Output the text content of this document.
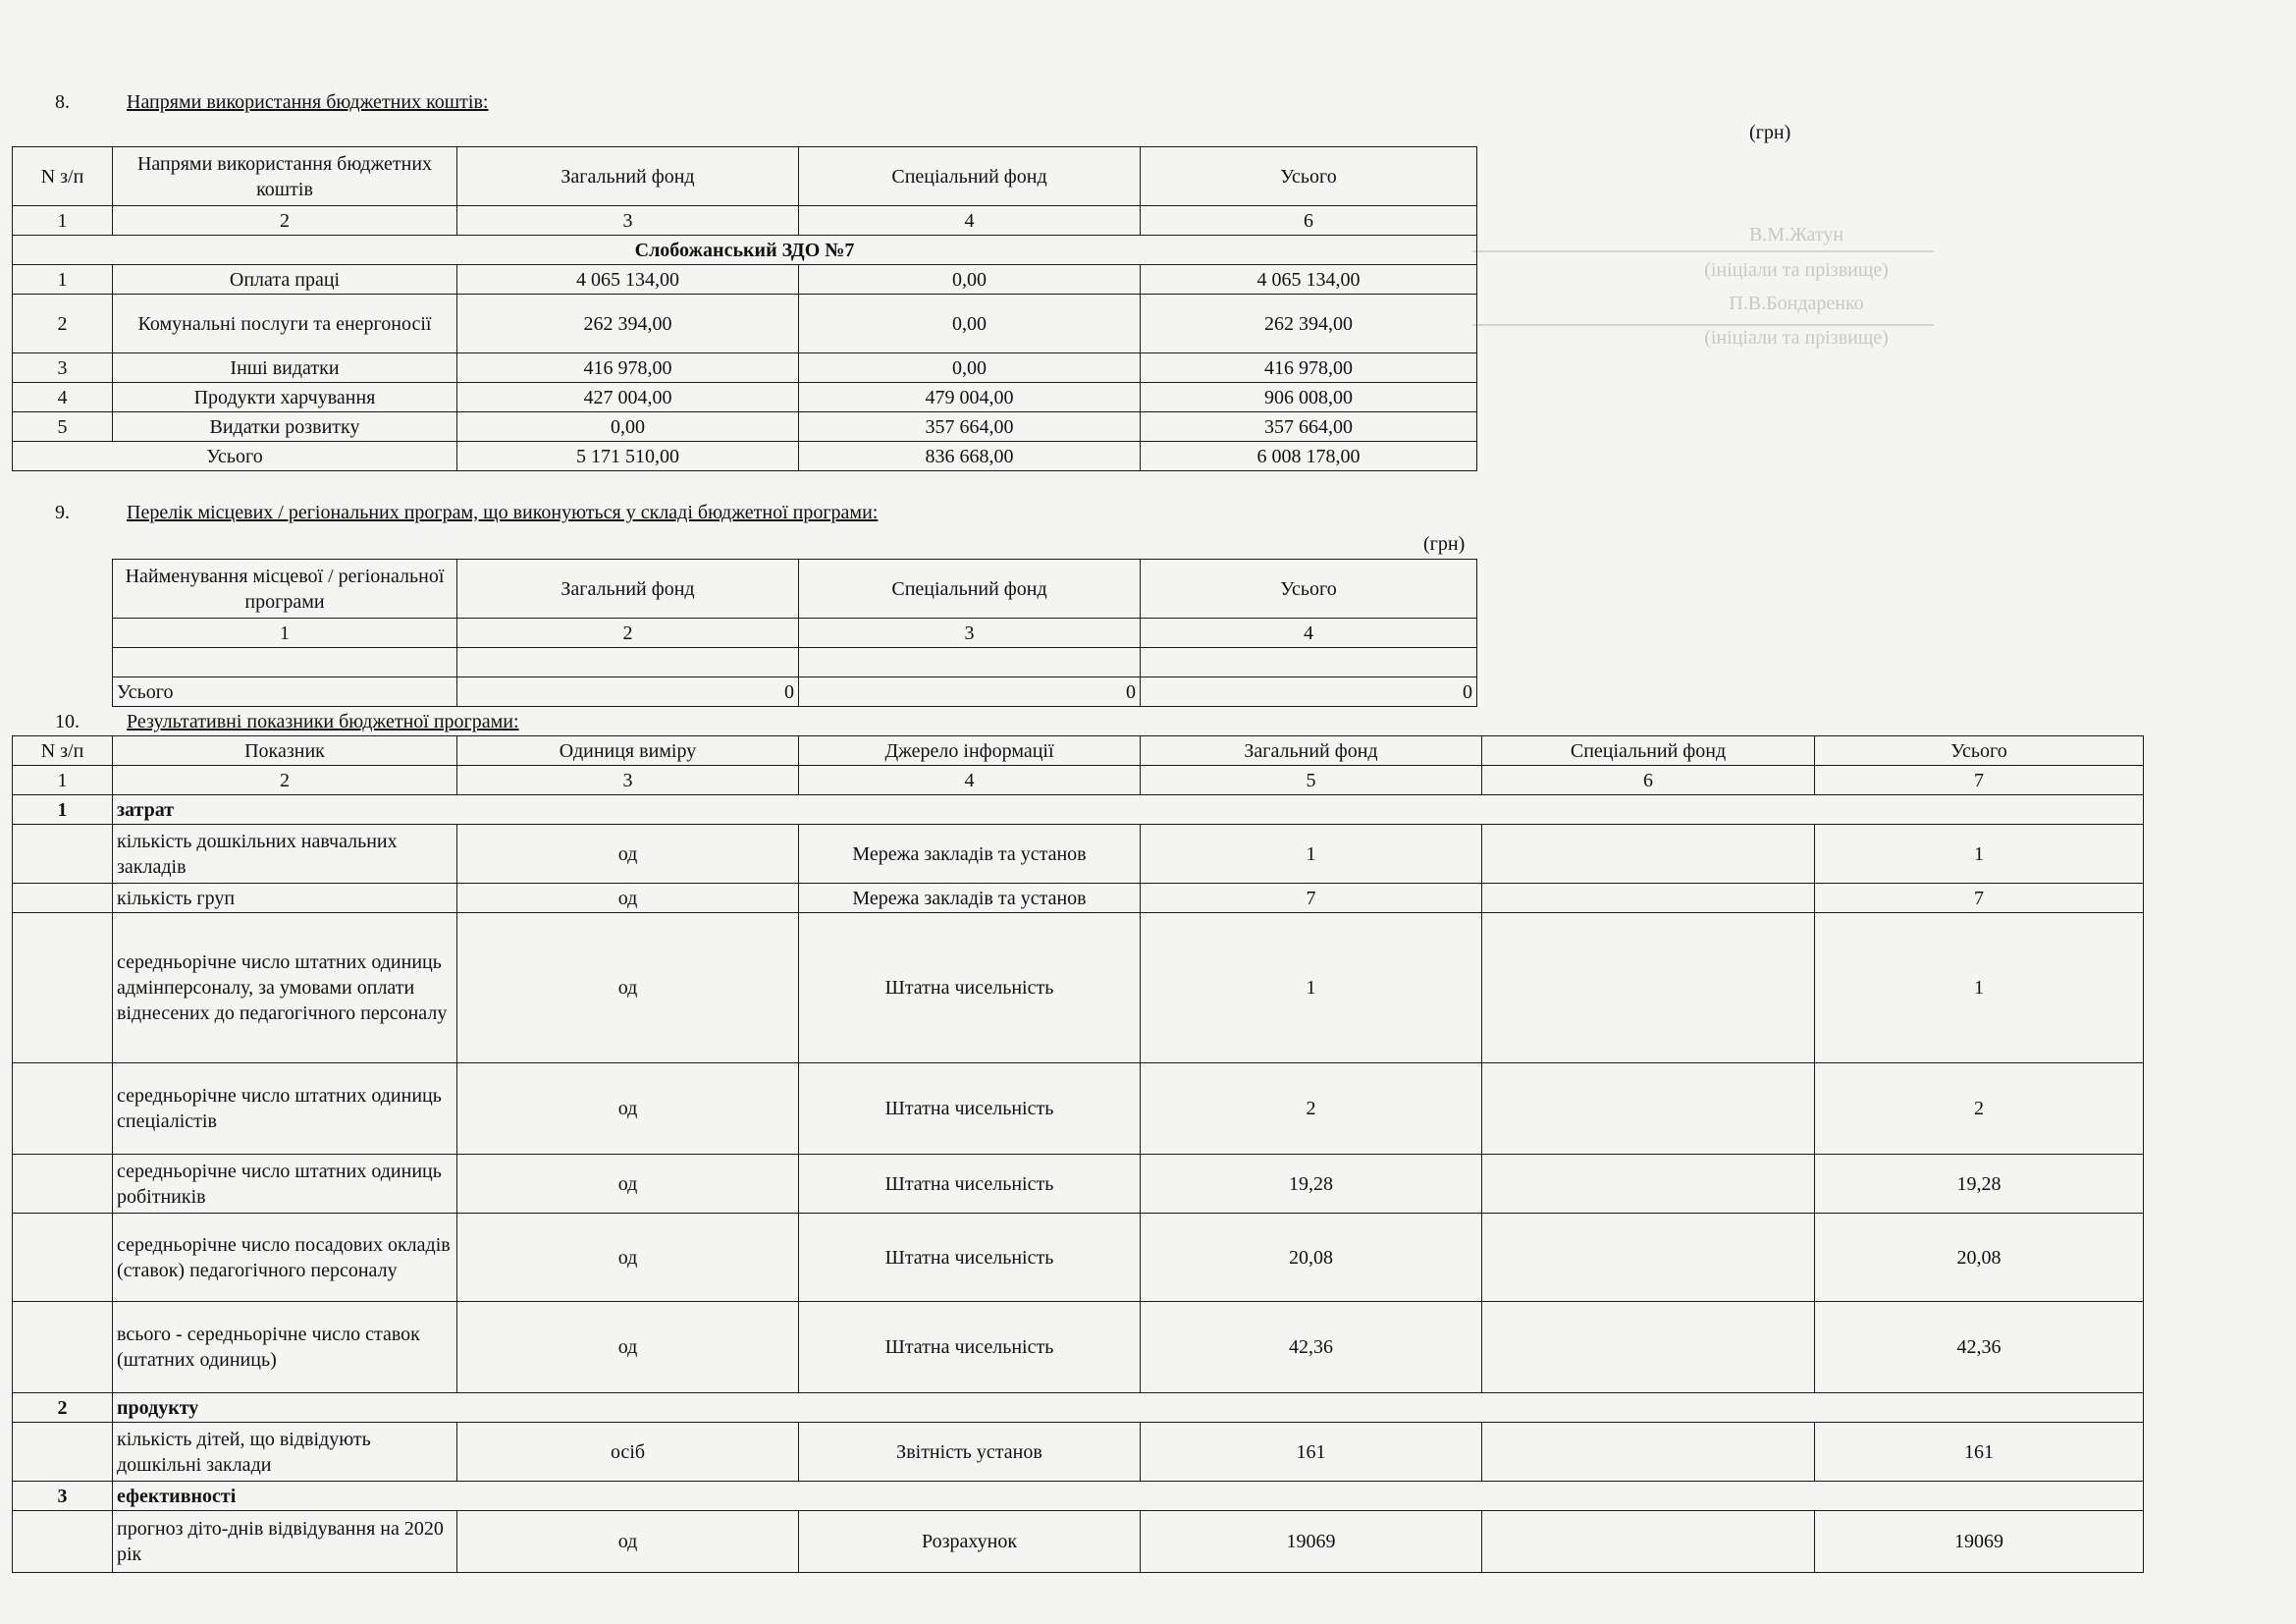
В.М.Жатун
(ініціали та прізвище)
П.В.Бондаренко
(ініціали та прізвище)
8.	Напрями використання бюджетних коштів:
(грн)
N з/п	Напрями використання бюджетних коштів	Загальний фонд	Спеціальний фонд	Усього
1	2	3	4	6
Слобожанський ЗДО №7				
1	Оплата праці	4 065 134,00	0,00	4 065 134,00
2	Комунальні послуги та енергоносії	262 394,00	0,00	262 394,00
3	Інші видатки	416 978,00	0,00	416 978,00
4	Продукти харчування	427 004,00	479 004,00	906 008,00
5	Видатки розвитку	0,00	357 664,00	357 664,00
Усього		5 171 510,00	836 668,00	6 008 178,00
9.	Перелік місцевих / регіональних програм, що виконуються у складі бюджетної програми:
(грн)
Найменування місцевої / регіональної програми	Загальний фонд	Спеціальний фонд	Усього
1	2	3	4

Усього	0	0	0
10. Результативні показники бюджетної програми:
N з/п	Показник	Одиниця виміру	Джерело інформації	Загальний фонд	Спеціальний фонд	Усього
1	2	3	4	5	6	7
1	затрат					
	кількість дошкільних навчальних закладів	од	Мережа закладів та установ	1		1
	кількість груп	од	Мережа закладів та установ	7		7
	середньорічне число штатних одиниць адмінперсоналу, за умовами оплати віднесених до педагогічного персоналу	од	Штатна чисельність	1		1
	середньорічне число штатних одиниць спеціалістів	од	Штатна чисельність	2		2
	середньорічне число штатних одиниць робітників	од	Штатна чисельність	19,28		19,28
	середньорічне число посадових окладів (ставок) педагогічного персоналу	од	Штатна чисельність	20,08		20,08
	всього - середньорічне число ставок (штатних одиниць)	од	Штатна чисельність	42,36		42,36
2	продукту					
	кількість дітей, що відвідують дошкільні заклади	осіб	Звітність установ	161		161
3	ефективності					
	прогноз діто-днів відвідування на 2020 рік	од	Розрахунок	19069		19069
